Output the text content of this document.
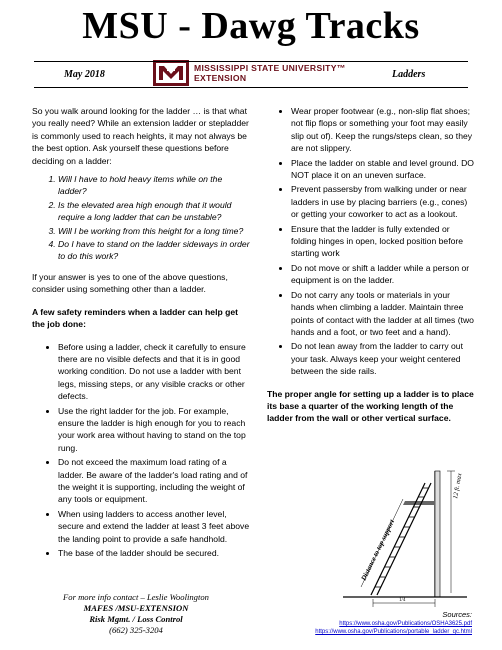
MSU - Dawg Tracks
May 2018
MISSISSIPPI STATE UNIVERSITY™
EXTENSION	Ladders

So you walk around looking for the ladder … is that what you really need? While an extension ladder or stepladder is commonly used to reach heights, it may not always be the best option. Ask yourself these questions before deciding on a ladder:

1. Will I have to hold heavy items while on the ladder?
2. Is the elevated area high enough that it would require a long ladder that can be unstable?
3. Will I be working from this height for a long time?
4. Do I have to stand on the ladder sideways in order to do this work?

If your answer is yes to one of the above questions, consider using something other than a ladder.

A few safety reminders when a ladder can help get the job done:

• Before using a ladder, check it carefully to ensure there are no visible defects and that it is in good working condition. Do not use a ladder with bent legs, missing steps, or any visible cracks or other defects.
• Use the right ladder for the job. For example, ensure the ladder is high enough for you to reach your work area without having to stand on the top rung.
• Do not exceed the maximum load rating of a ladder. Be aware of the ladder's load rating and of the weight it is supporting, including the weight of any tools or equipment.
• When using ladders to access another level, secure and extend the ladder at least 3 feet above the landing point to provide a safe handhold.
• The base of the ladder should be secured.
• Wear proper footwear (e.g., non-slip flat shoes; not flip flops or something your foot may easily slip out of). Keep the rungs/steps clean, so they are not slippery.
• Place the ladder on stable and level ground. DO NOT place it on an uneven surface.
• Prevent passersby from walking under or near ladders in use by placing barriers (e.g., cones) or getting your coworker to act as a lookout.
• Ensure that the ladder is fully extended or folding hinges in open, locked position before starting work
• Do not move or shift a ladder while a person or equipment is on the ladder.
• Do not carry any tools or materials in your hands when climbing a ladder. Maintain three points of contact with the ladder at all times (two hands and a foot, or two feet and a hand).
• Do not lean away from the ladder to carry out your task. Always keep your weight centered between the side rails.

The proper angle for setting up a ladder is to place its base a quarter of the working length of the ladder from the wall or other vertical surface.

12 ft. max
Distance to top support
1/4
For more info contact – Leslie Woolington
MAFES /MSU-EXTENSION
Risk Mgmt. / Loss Control
(662) 325-3204
Sources:
https://www.osha.gov/Publications/OSHA3625.pdf
https://www.osha.gov/Publications/portable_ladder_qc.html
